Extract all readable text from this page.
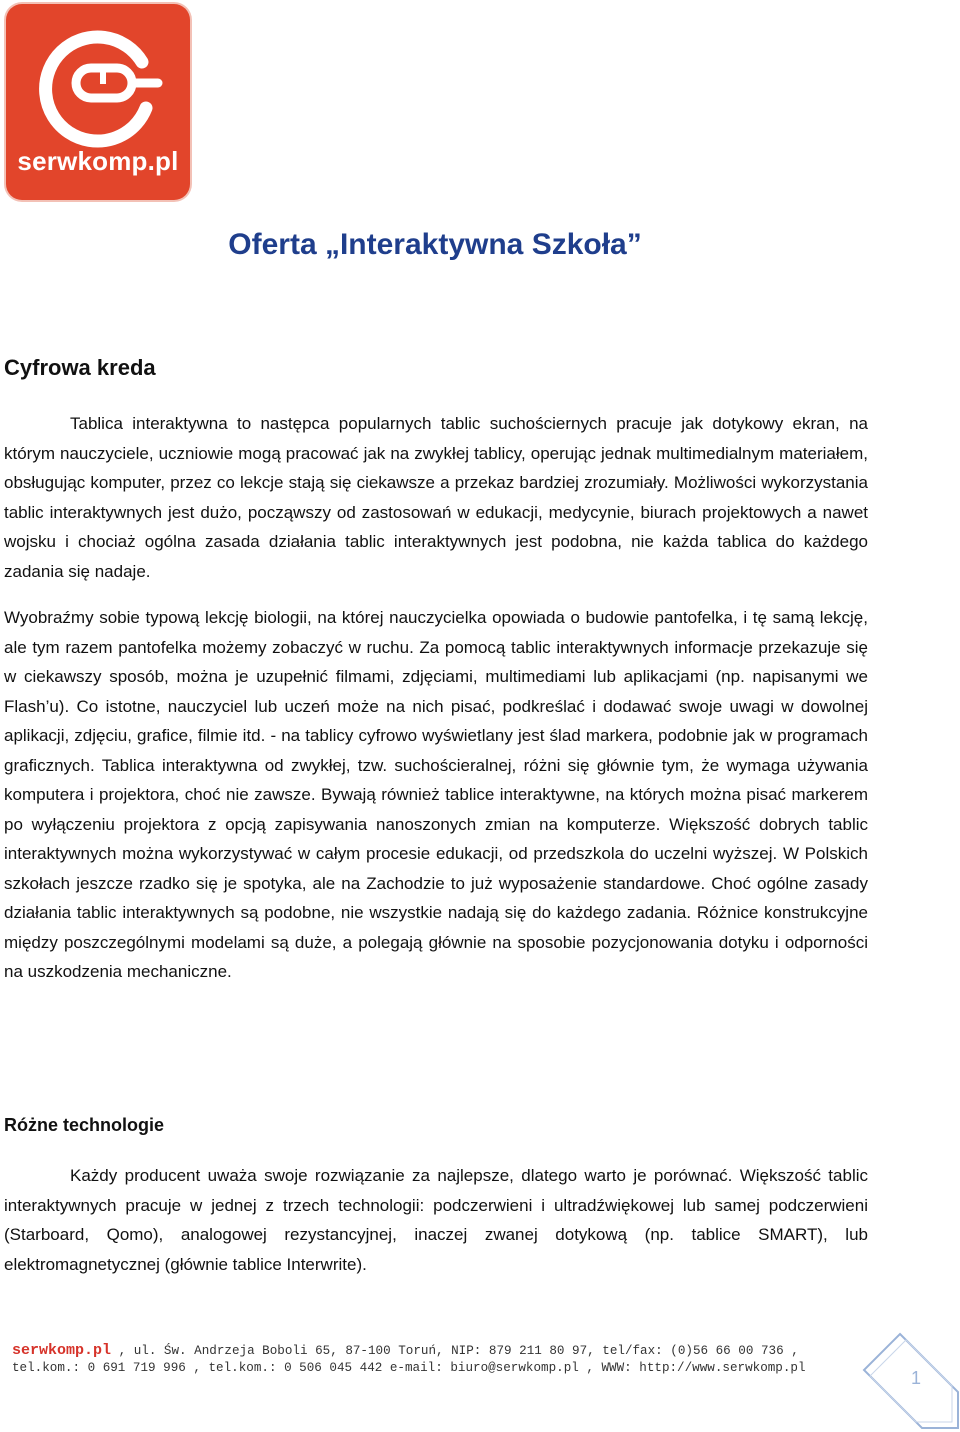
serwkomp.pl
Oferta „Interaktywna Szkoła”
Cyfrowa kreda

Tablica interaktywna to następca popularnych tablic suchościernych pracuje jak dotykowy ekran, na którym nauczyciele, uczniowie mogą pracować jak na zwykłej tablicy, operując jednak multimedialnym materiałem, obsługując komputer, przez co lekcje stają się ciekawsze a przekaz bardziej zrozumiały. Możliwości wykorzystania tablic interaktywnych jest dużo, począwszy od zastosowań w edukacji, medycynie, biurach projektowych a nawet wojsku i chociaż ogólna zasada działania tablic interaktywnych jest podobna, nie każda tablica do każdego zadania się nadaje.

Wyobraźmy sobie typową lekcję biologii, na której nauczycielka opowiada o budowie pantofelka, i tę samą lekcję, ale tym razem pantofelka możemy zobaczyć w ruchu. Za pomocą tablic interaktywnych informacje przekazuje się w ciekawszy sposób, można je uzupełnić filmami, zdjęciami, multimediami lub aplikacjami (np. napisanymi we Flash’u). Co istotne, nauczyciel lub uczeń może na nich pisać, podkreślać i dodawać swoje uwagi w dowolnej aplikacji, zdjęciu, grafice, filmie itd. - na tablicy cyfrowo wyświetlany jest ślad markera, podobnie jak w programach graficznych. Tablica interaktywna od zwykłej, tzw. suchościeralnej, różni się głównie tym, że wymaga używania komputera i projektora, choć nie zawsze. Bywają również tablice interaktywne, na których można pisać markerem po wyłączeniu projektora z opcją zapisywania nanoszonych zmian na komputerze. Większość dobrych tablic interaktywnych można wykorzystywać w całym procesie edukacji, od przedszkola do uczelni wyższej. W Polskich szkołach jeszcze rzadko się je spotyka, ale na Zachodzie to już wyposażenie standardowe. Choć ogólne zasady działania tablic interaktywnych są podobne, nie wszystkie nadają się do każdego zadania. Różnice konstrukcyjne między poszczególnymi modelami są duże, a polegają głównie na sposobie pozycjonowania dotyku i odporności na uszkodzenia mechaniczne.

Różne technologie

Każdy producent uważa swoje rozwiązanie za najlepsze, dlatego warto je porównać. Większość tablic interaktywnych pracuje w jednej z trzech technologii: podczerwieni i ultradźwiękowej lub samej podczerwieni (Starboard, Qomo), analogowej rezystancyjnej, inaczej zwanej dotykową (np. tablice SMART), lub elektromagnetycznej (głównie tablice Interwrite).

serwkomp.pl , ul. Św. Andrzeja Boboli 65, 87-100 Toruń, NIP: 879 211 80 97, tel/fax: (0)56 66 00 736 ,
tel.kom.: 0 691 719 996 , tel.kom.: 0 506 045 442 e-mail: biuro@serwkomp.pl , WWW: http://www.serwkomp.pl	1
